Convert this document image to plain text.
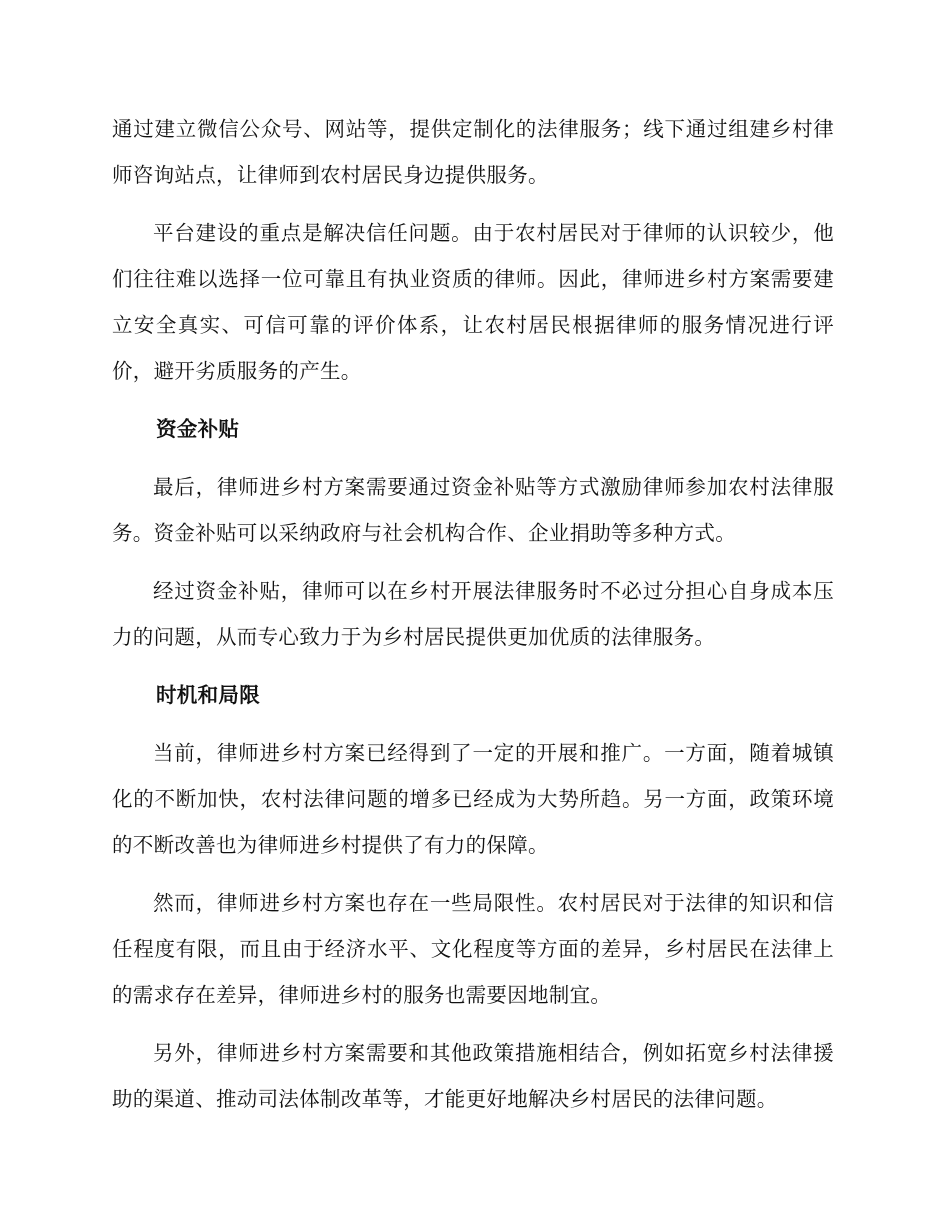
通过建立微信公众号、网站等，提供定制化的法律服务；线下通过组建乡村律师咨询站点，让律师到农村居民身边提供服务。

平台建设的重点是解决信任问题。由于农村居民对于律师的认识较少，他们往往难以选择一位可靠且有执业资质的律师。因此，律师进乡村方案需要建立安全真实、可信可靠的评价体系，让农村居民根据律师的服务情况进行评价，避开劣质服务的产生。

资金补贴

最后，律师进乡村方案需要通过资金补贴等方式激励律师参加农村法律服务。资金补贴可以采纳政府与社会机构合作、企业捐助等多种方式。

经过资金补贴，律师可以在乡村开展法律服务时不必过分担心自身成本压力的问题，从而专心致力于为乡村居民提供更加优质的法律服务。

时机和局限

当前，律师进乡村方案已经得到了一定的开展和推广。一方面，随着城镇化的不断加快，农村法律问题的增多已经成为大势所趋。另一方面，政策环境的不断改善也为律师进乡村提供了有力的保障。

然而，律师进乡村方案也存在一些局限性。农村居民对于法律的知识和信任程度有限，而且由于经济水平、文化程度等方面的差异，乡村居民在法律上的需求存在差异，律师进乡村的服务也需要因地制宜。

另外，律师进乡村方案需要和其他政策措施相结合，例如拓宽乡村法律援助的渠道、推动司法体制改革等，才能更好地解决乡村居民的法律问题。
